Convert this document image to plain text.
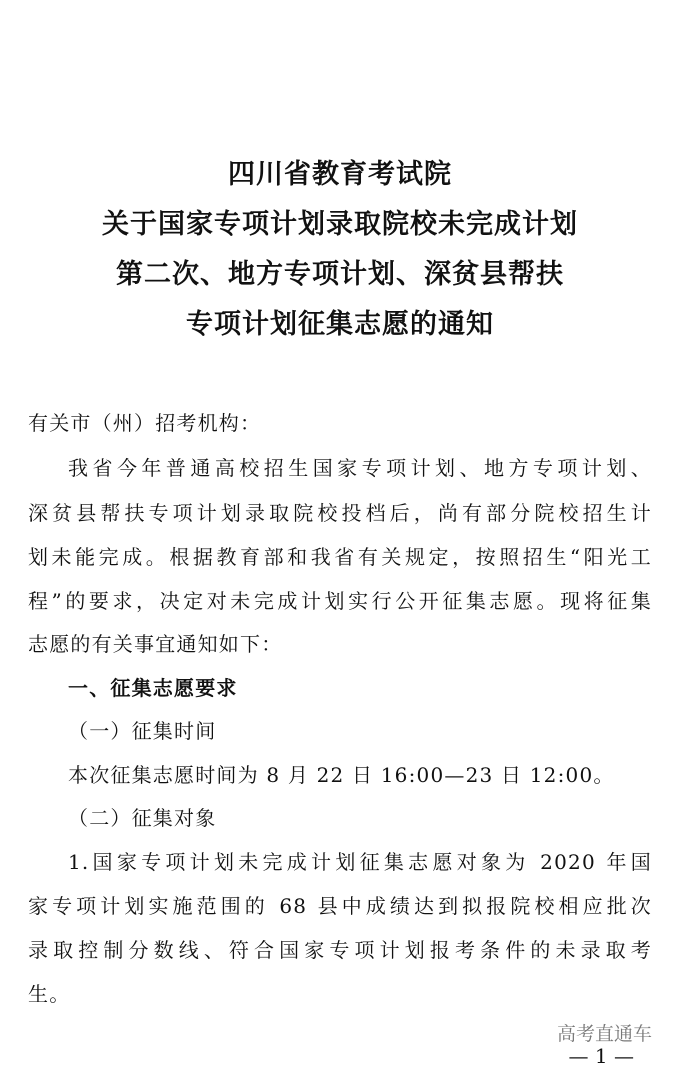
四川省教育考试院
关于国家专项计划录取院校未完成计划
第二次、地方专项计划、深贫县帮扶
专项计划征集志愿的通知
有关市（州）招考机构：
我省今年普通高校招生国家专项计划、地方专项计划、
深贫县帮扶专项计划录取院校投档后，尚有部分院校招生计
划未能完成。根据教育部和我省有关规定，按照招生“阳光工
程”的要求，决定对未完成计划实行公开征集志愿。现将征集
志愿的有关事宜通知如下：
一、征集志愿要求
（一）征集时间
本次征集志愿时间为 8 月 22 日 16:00—23 日 12:00。
（二）征集对象
1.国家专项计划未完成计划征集志愿对象为 2020 年国
家专项计划实施范围的 68 县中成绩达到拟报院校相应批次
录取控制分数线、符合国家专项计划报考条件的未录取考
生。
高考直通车
— 1 —
